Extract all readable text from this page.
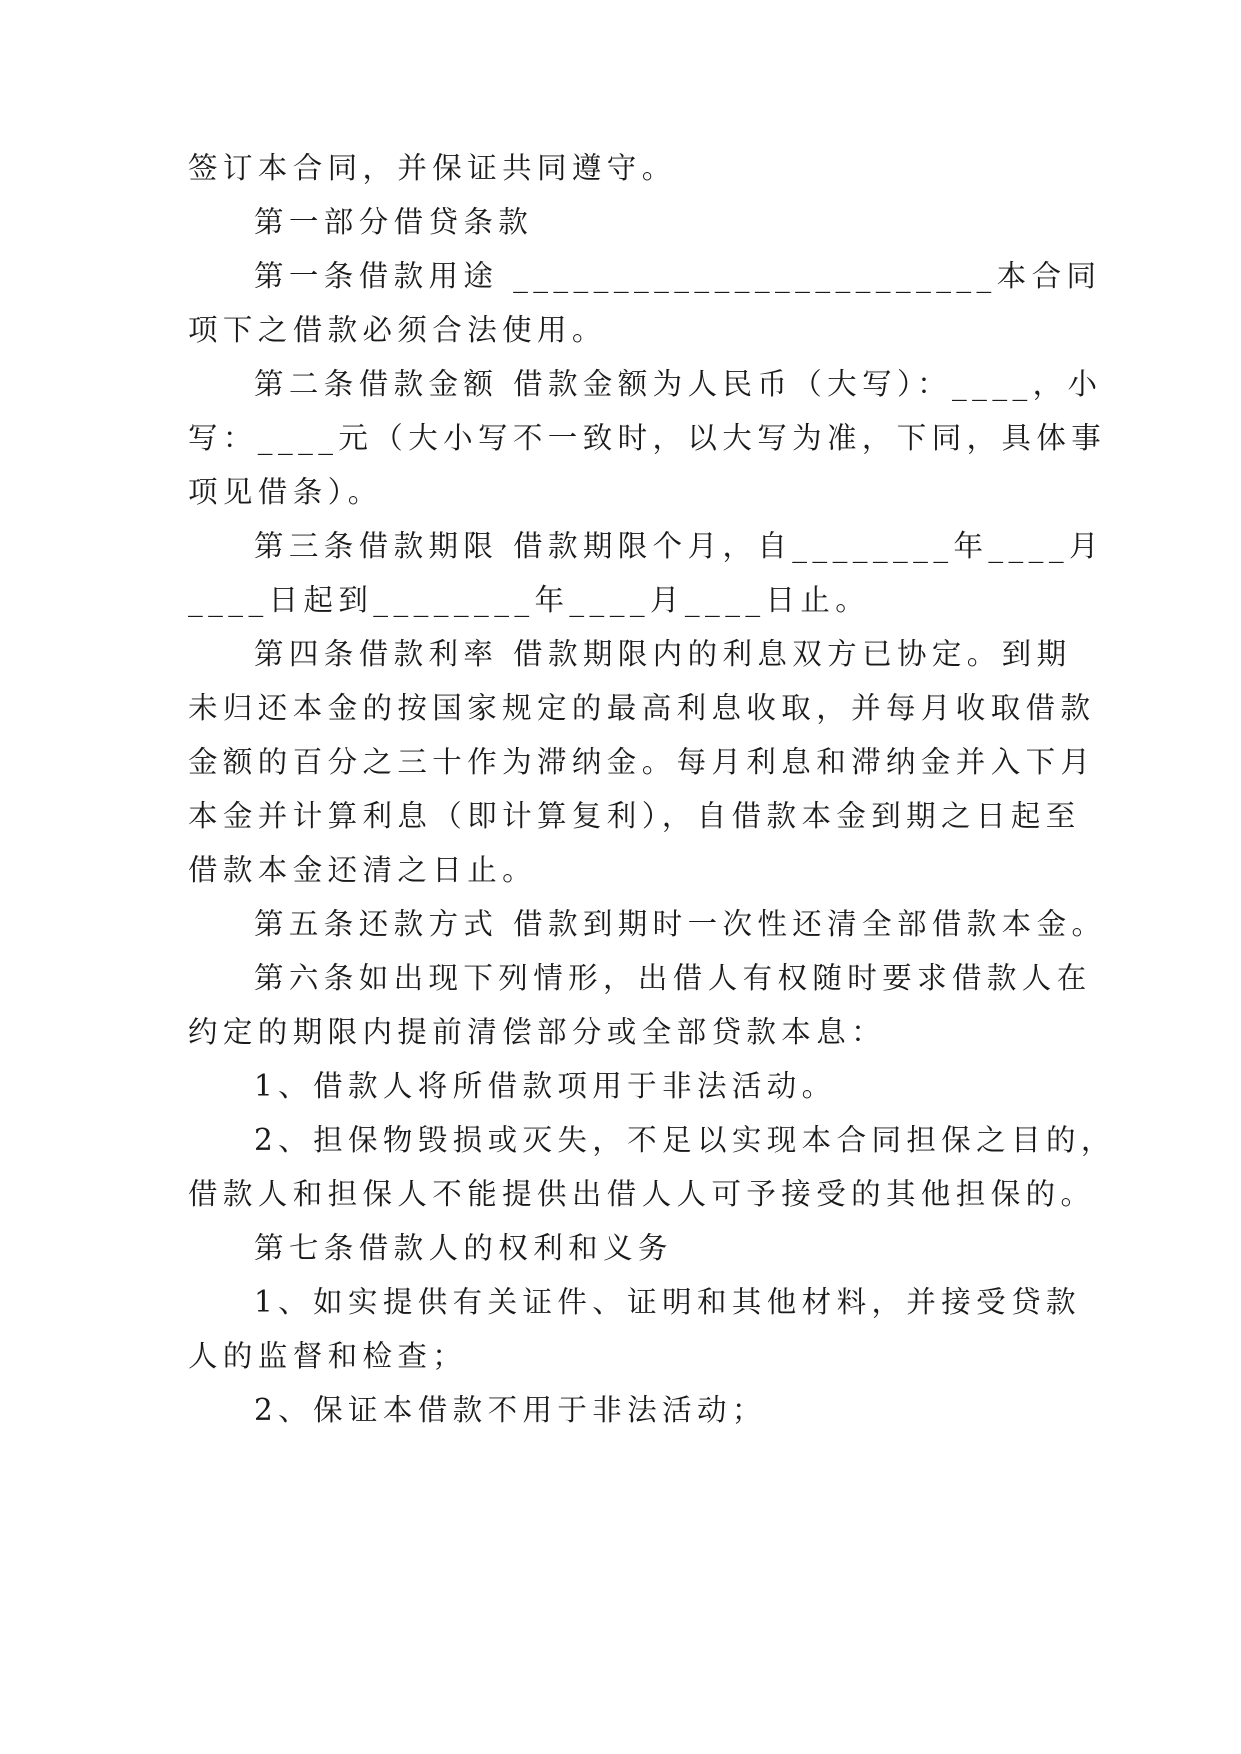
签订本合同，并保证共同遵守。
第一部分借贷条款
第一条借款用途 ________________________本合同
项下之借款必须合法使用。
第二条借款金额 借款金额为人民币（大写）：____，小
写：____元（大小写不一致时，以大写为准，下同，具体事
项见借条）。
第三条借款期限 借款期限个月，自________年____月
____日起到________年____月____日止。
第四条借款利率 借款期限内的利息双方已协定。到期
未归还本金的按国家规定的最高利息收取，并每月收取借款
金额的百分之三十作为滞纳金。每月利息和滞纳金并入下月
本金并计算利息（即计算复利），自借款本金到期之日起至
借款本金还清之日止。
第五条还款方式 借款到期时一次性还清全部借款本金。
第六条如出现下列情形，出借人有权随时要求借款人在
约定的期限内提前清偿部分或全部贷款本息：
1、借款人将所借款项用于非法活动。
2、担保物毁损或灭失，不足以实现本合同担保之目的，
借款人和担保人不能提供出借人人可予接受的其他担保的。
第七条借款人的权利和义务
1、如实提供有关证件、证明和其他材料，并接受贷款
人的监督和检查；
2、保证本借款不用于非法活动；
